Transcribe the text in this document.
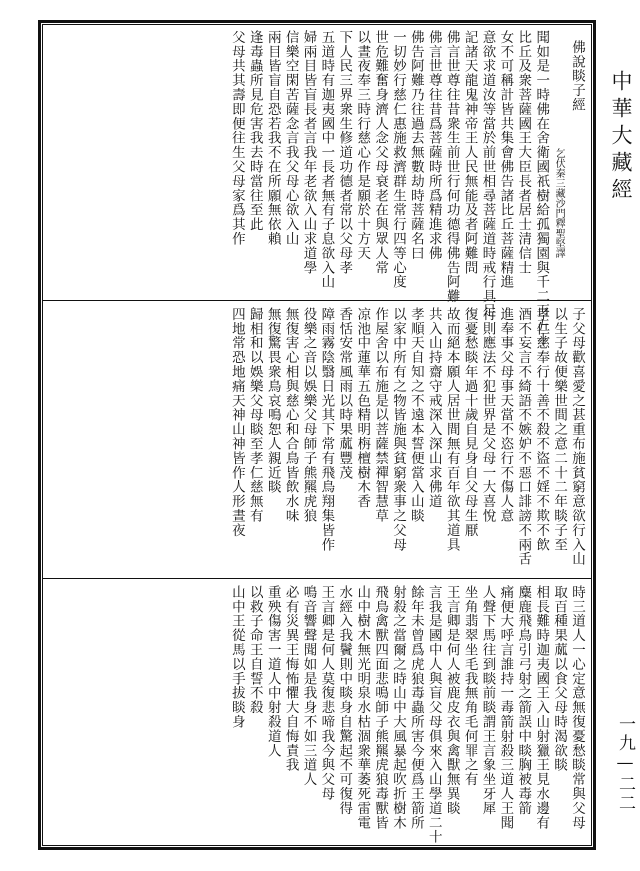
佛說睒子經
乞伏秦三藏沙門釋聖堅譯
聞如是一時佛在舍衛國祇樹給孤獨園與千二百五十
比丘及衆菩薩國王大臣長者居士清信士
女不可稱計皆共集會佛告諸比丘菩薩精進
意欲求道汝等當於前世相尋菩薩道時戒行具足
記諸天龍鬼神帝王人民無能及者阿難問
佛言世尊往昔衆生前世行何功德得佛告阿難
佛言世尊往昔爲菩薩時所爲精進求佛
佛告阿難乃往過去無數劫時菩薩名曰
一切妙行慈仁惠施救濟群生常行四等心度
世危難奮身濟人念父母衰老在與眾人常
以晝夜奉三時行慈心作是願於十方天
下人民三界衆生修道功德者常以父母孝
五道時有迦夷國中一長者無有子息欲入山
婦兩目皆盲長者言我年老欲入山求道學
信樂空閑苦薩念言我父母心欲入山
兩目皆盲自恐若我不在所願無依賴
逢毒蟲所見危害我去時當往至此
父母共其壽即便往生父母家爲其作
子父母歡喜愛之甚重布施貧窮意欲行入山
以生子故便樂世間之意二十二年睒子至
孝仁慈奉行十善不殺不盜不婬不欺不飲
酒不妄言不綺語不嫉妒不惡口誹謗不兩舌
進奉事父母事天當不恣行不傷人意
行則應法不犯世界是父母一大喜悅
復憂愁睒年過十歲自見身自父母生厭
故而絕本願人居世間無有百年欲其道具
共入山持齋守戒深入深山求佛道
孝順天自知之不遠本誓便當入山睒
以家中所有之物皆施與貧窮衆事之父母
作屋舍以布施是以菩薩禁禪智慧草
凉池中蓮華五色精明栴檀樹木香
香恬安常風雨以時果蓏豐茂
障雨霧陰翳日光其下常有飛鳥翔集皆作
役樂之音以娛樂父母師子熊羆虎狼
無復害心相與慈心和合鳥皆飲水味
無復驚畏衆鳥哀鳴恕人親近睒
歸相和以娛樂父母睒至孝仁慈無有
四地常恐地痛天神山神皆作人形晝夜
時三道人一心定意無復憂愁睒常與父母
取百種果蓏以食父母時渴欲睒
相長難時迦夷國王入山射獵王見水邊有
麋鹿飛鳥引弓射之箭誤中睒胸被毒箭
痛便大呼言誰持一毒箭射殺三道人王聞
人聲下馬往到睒前睒謂王言象坐牙犀
坐角翡翠坐毛我無角毛何罪之有
王言卿是何人被鹿皮衣與禽獸無異睒
言我是國中人與盲父母俱來入山學道二十
餘年未曾爲虎狼毒蟲所害今便爲王箭所
射殺之當爾之時山中大風暴起吹折樹木
飛鳥禽獸四面悲鳴師子熊羆虎狼毒獸皆
山中樹木無光明泉水枯涸衆華萎死雷電
水經入我鬢則中睒身自驚起不可復得
王言卿是何人莫復悲啼我今與父母
鳴音響聲聞如是我身不如三道人
必有災異王悔怖懼大自悔責我
重殃傷害一道人中射殺道人
以救子命王自誓不殺
山中王從馬以手拔睒身
中華大藏經
一九—二二
